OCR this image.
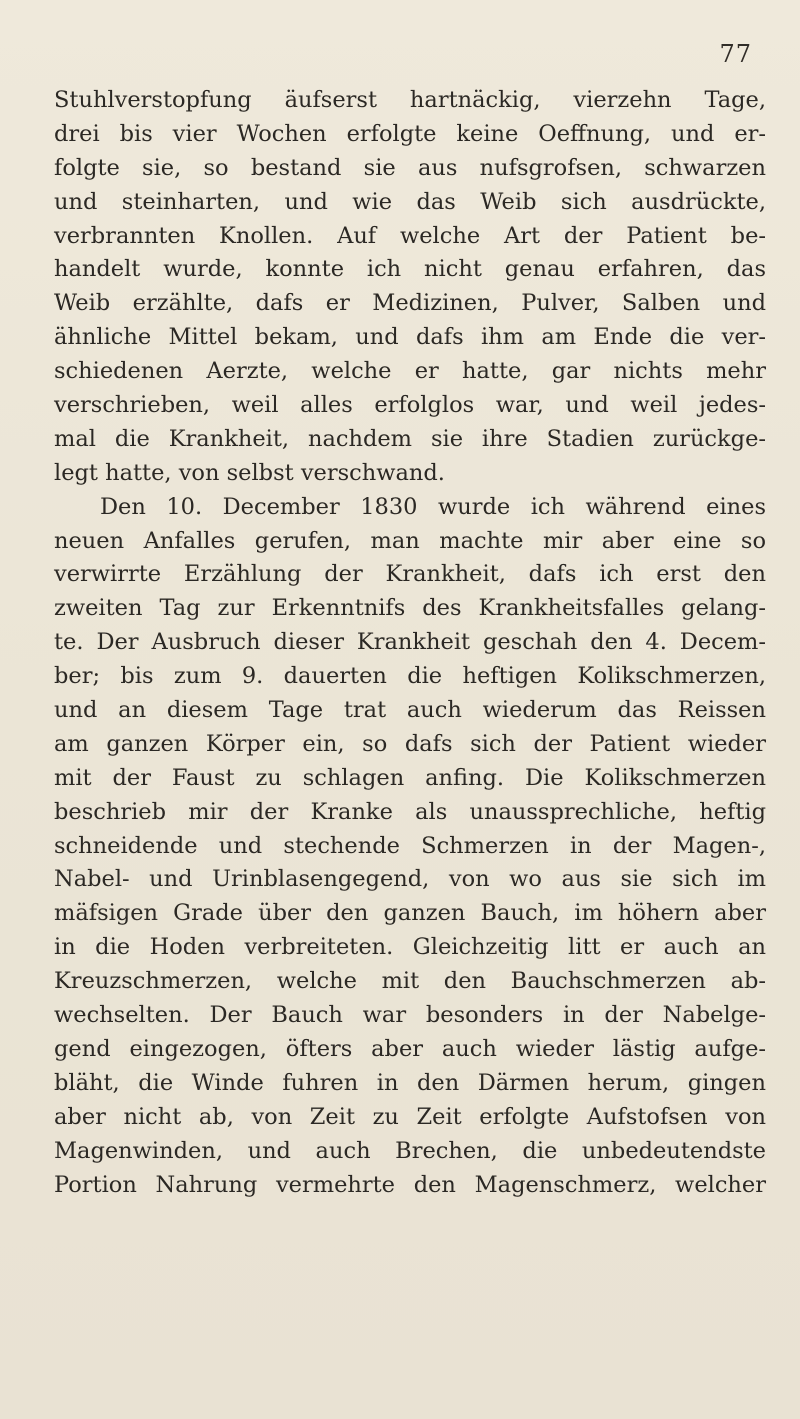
77
Stuhlverstopfung äufserst hartnäckig, vierzehn Tage,
drei bis vier Wochen erfolgte keine Oeffnung, und er-
folgte sie, so bestand sie aus nufsgrofsen, schwarzen
und steinharten, und wie das Weib sich ausdrückte,
verbrannten Knollen. Auf welche Art der Patient be-
handelt wurde, konnte ich nicht genau erfahren, das
Weib erzählte, dafs er Medizinen, Pulver, Salben und
ähnliche Mittel bekam, und dafs ihm am Ende die ver-
schiedenen Aerzte, welche er hatte, gar nichts mehr
verschrieben, weil alles erfolglos war, und weil jedes-
mal die Krankheit, nachdem sie ihre Stadien zurückge-
legt hatte, von selbst verschwand.
Den 10. December 1830 wurde ich während eines
neuen Anfalles gerufen, man machte mir aber eine so
verwirrte Erzählung der Krankheit, dafs ich erst den
zweiten Tag zur Erkenntnifs des Krankheitsfalles gelang-
te. Der Ausbruch dieser Krankheit geschah den 4. Decem-
ber; bis zum 9. dauerten die heftigen Kolikschmerzen,
und an diesem Tage trat auch wiederum das Reissen
am ganzen Körper ein, so dafs sich der Patient wieder
mit der Faust zu schlagen anfing. Die Kolikschmerzen
beschrieb mir der Kranke als unaussprechliche, heftig
schneidende und stechende Schmerzen in der Magen-,
Nabel- und Urinblasengegend, von wo aus sie sich im
mäfsigen Grade über den ganzen Bauch, im höhern aber
in die Hoden verbreiteten. Gleichzeitig litt er auch an
Kreuzschmerzen, welche mit den Bauchschmerzen ab-
wechselten. Der Bauch war besonders in der Nabelge-
gend eingezogen, öfters aber auch wieder lästig aufge-
bläht, die Winde fuhren in den Därmen herum, gingen
aber nicht ab, von Zeit zu Zeit erfolgte Aufstofsen von
Magenwinden, und auch Brechen, die unbedeutendste
Portion Nahrung vermehrte den Magenschmerz, welcher
